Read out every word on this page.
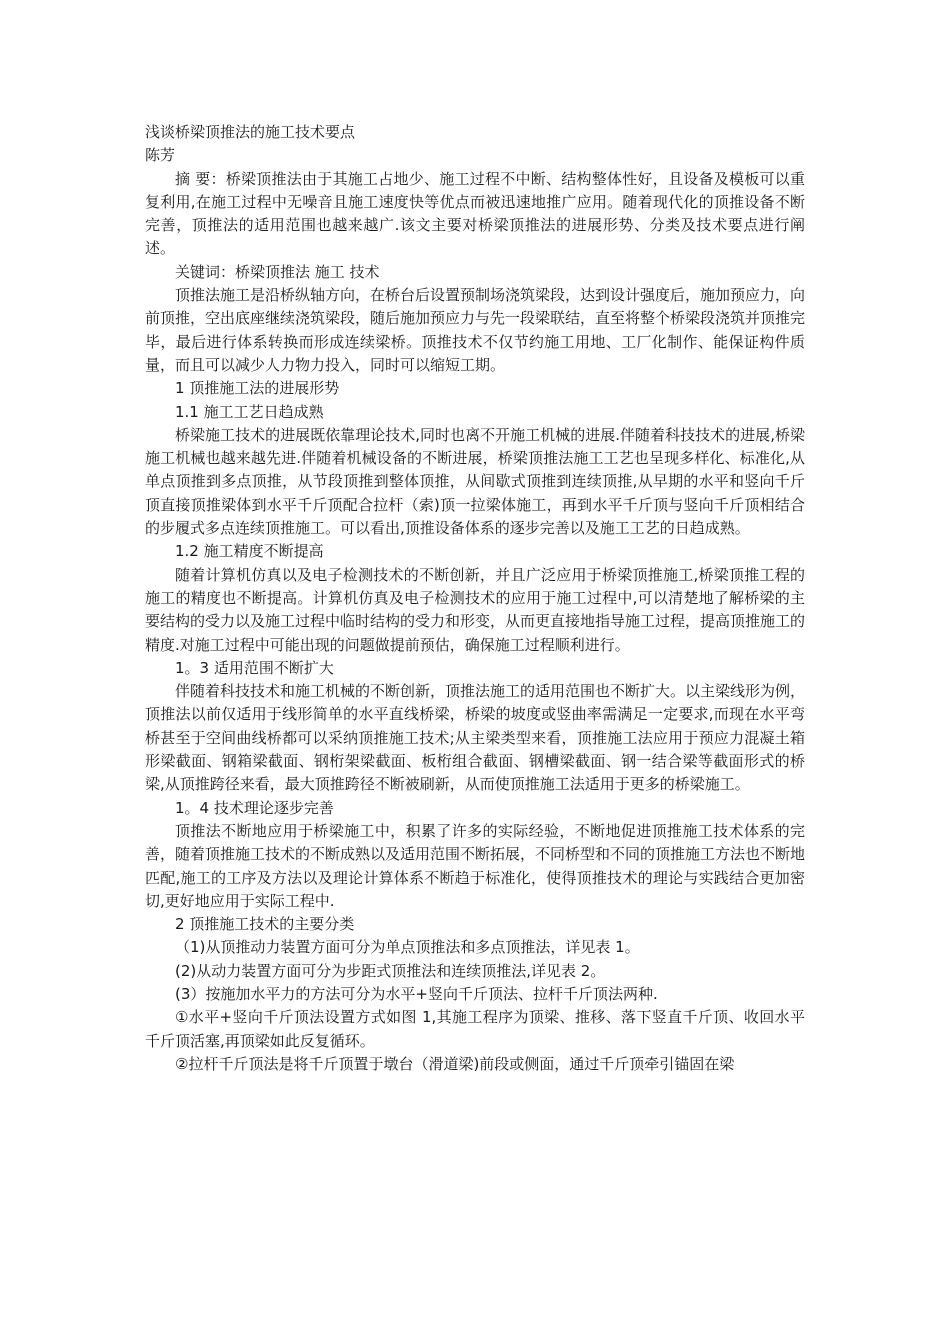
浅谈桥梁顶推法的施工技术要点

陈芳

摘 要：桥梁顶推法由于其施工占地少、施工过程不中断、结构整体性好，且设备及模板可以重复利用,在施工过程中无噪音且施工速度快等优点而被迅速地推广应用。随着现代化的顶推设备不断完善，顶推法的适用范围也越来越广.该文主要对桥梁顶推法的进展形势、分类及技术要点进行阐述。

关键词：桥梁顶推法 施工 技术

顶推法施工是沿桥纵轴方向，在桥台后设置预制场浇筑梁段，达到设计强度后，施加预应力，向前顶推，空出底座继续浇筑梁段，随后施加预应力与先一段梁联结，直至将整个桥梁段浇筑并顶推完毕，最后进行体系转换而形成连续梁桥。顶推技术不仅节约施工用地、工厂化制作、能保证构件质量，而且可以减少人力物力投入，同时可以缩短工期。

1 顶推施工法的进展形势

1.1 施工工艺日趋成熟

桥梁施工技术的进展既依靠理论技术,同时也离不开施工机械的进展.伴随着科技技术的进展,桥梁施工机械也越来越先进.伴随着机械设备的不断进展，桥梁顶推法施工工艺也呈现多样化、标准化,从单点顶推到多点顶推，从节段顶推到整体顶推，从间歇式顶推到连续顶推,从早期的水平和竖向千斤顶直接顶推梁体到水平千斤顶配合拉杆（索)顶一拉梁体施工，再到水平千斤顶与竖向千斤顶相结合的步履式多点连续顶推施工。可以看出,顶推设备体系的逐步完善以及施工工艺的日趋成熟。

1.2 施工精度不断提高

随着计算机仿真以及电子检测技术的不断创新，并且广泛应用于桥梁顶推施工,桥梁顶推工程的施工的精度也不断提高。计算机仿真及电子检测技术的应用于施工过程中,可以清楚地了解桥梁的主要结构的受力以及施工过程中临时结构的受力和形变，从而更直接地指导施工过程，提高顶推施工的精度.对施工过程中可能出现的问题做提前预估，确保施工过程顺利进行。

1。3 适用范围不断扩大

伴随着科技技术和施工机械的不断创新，顶推法施工的适用范围也不断扩大。以主梁线形为例，顶推法以前仅适用于线形简单的水平直线桥梁，桥梁的坡度或竖曲率需满足一定要求,而现在水平弯桥甚至于空间曲线桥都可以采纳顶推施工技术;从主梁类型来看，顶推施工法应用于预应力混凝土箱形梁截面、钢箱梁截面、钢桁架梁截面、板桁组合截面、钢槽梁截面、钢一结合梁等截面形式的桥梁,从顶推跨径来看，最大顶推跨径不断被刷新，从而使顶推施工法适用于更多的桥梁施工。

1。4 技术理论逐步完善

顶推法不断地应用于桥梁施工中，积累了许多的实际经验，不断地促进顶推施工技术体系的完善，随着顶推施工技术的不断成熟以及适用范围不断拓展，不同桥型和不同的顶推施工方法也不断地匹配,施工的工序及方法以及理论计算体系不断趋于标准化，使得顶推技术的理论与实践结合更加密切,更好地应用于实际工程中.

2 顶推施工技术的主要分类

（1)从顶推动力装置方面可分为单点顶推法和多点顶推法，详见表 1。

(2)从动力装置方面可分为步距式顶推法和连续顶推法,详见表 2。

(3）按施加水平力的方法可分为水平+竖向千斤顶法、拉杆千斤顶法两种.

①水平+竖向千斤顶法设置方式如图 1,其施工程序为顶梁、推移、落下竖直千斤顶、收回水平千斤顶活塞,再顶梁如此反复循环。

②拉杆千斤顶法是将千斤顶置于墩台（滑道梁)前段或侧面，通过千斤顶牵引锚固在梁
